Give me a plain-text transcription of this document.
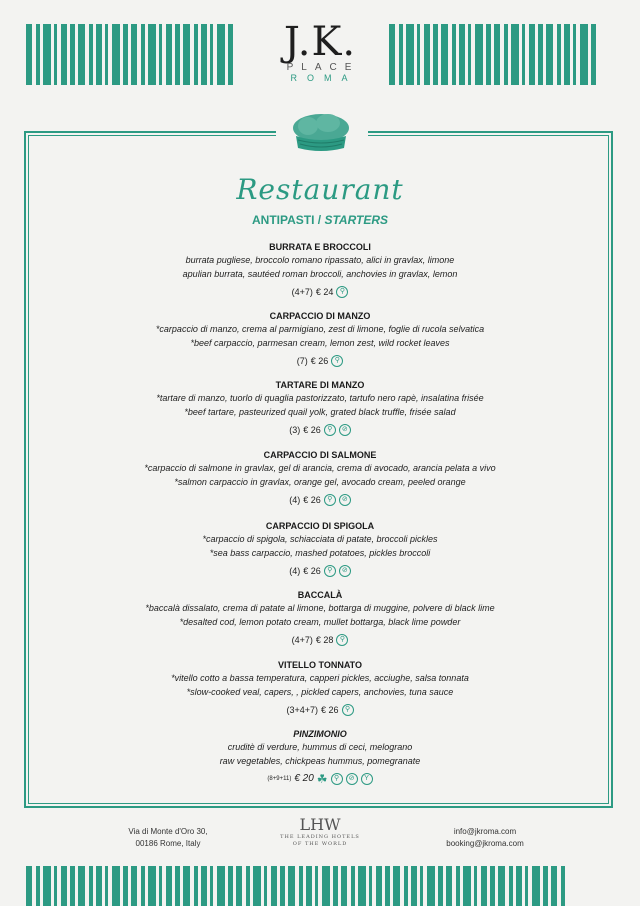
J.K.
PLACE
ROMA
Restaurant
ANTIPASTI / STARTERS
BURRATA E BROCCOLI
burrata pugliese, broccolo romano ripassato, alici in gravlax, limone
apulian burrata, sautéed roman broccoli, anchovies in gravlax, lemon
(4+7) € 24 ⚲
CARPACCIO DI MANZO
*carpaccio di manzo, crema al parmigiano, zest di limone, foglie di rucola selvatica
*beef carpaccio, parmesan cream, lemon zest, wild rocket leaves
(7) € 26 ⚲
TARTARE DI MANZO
*tartare di manzo, tuorlo di quaglia pastorizzato, tartufo nero rapè, insalatina frisée
*beef tartare, pasteurized quail yolk, grated black truffle, frisée salad
(3) € 26 ⚲	⊘
CARPACCIO DI SALMONE
*carpaccio di salmone in gravlax, gel di arancia, crema di avocado, arancia pelata a vivo
*salmon carpaccio in gravlax, orange gel, avocado cream, peeled orange
(4) € 26 ⚲	⊘
CARPACCIO DI SPIGOLA
*carpaccio di spigola, schiacciata di patate, broccoli pickles
*sea bass carpaccio, mashed potatoes, pickles broccoli
(4) € 26 ⚲	⊘
BACCALÀ
*baccalà dissalato, crema di patate al limone, bottarga di muggine, polvere di black lime
*desalted cod, lemon potato cream, mullet bottarga, black lime powder
(4+7) € 28 ⚲
VITELLO TONNATO
*vitello cotto a bassa temperatura, capperi pickles, acciughe, salsa tonnata
*slow-cooked veal, capers, , pickled capers, anchovies, tuna sauce
(3+4+7) € 26 ⚲
PINZIMONIO
cruditè di verdure, hummus di ceci, melograno
raw vegetables, chickpeas hummus, pomegranate
(8+9+11) € 20 ☘ ⚲	⊘	Y
Via di Monte d'Oro 30,
00186 Rome, Italy
LHW
THE LEADING HOTELS
OF THE WORLD
info@jkroma.com
booking@jkroma.com
